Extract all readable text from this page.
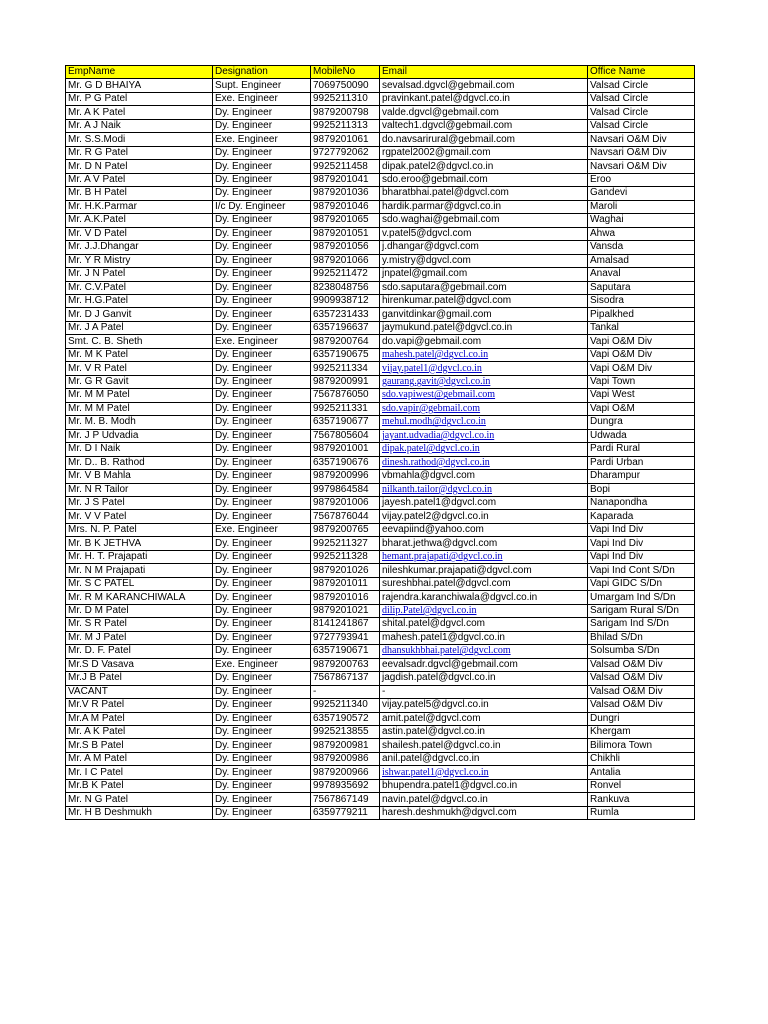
EmpName	Designation	MobileNo	Email	Office Name
Mr. G D BHAIYA	Supt. Engineer	7069750090	sevalsad.dgvcl@gebmail.com	Valsad Circle
Mr. P G Patel	Exe. Engineer	9925211310	pravinkant.patel@dgvcl.co.in	Valsad Circle
Mr. A K Patel	Dy. Engineer	9879200798	valde.dgvcl@gebmail.com	Valsad Circle
Mr. A J Naik	Dy. Engineer	9925211313	valtech1.dgvcl@gebmail.com	Valsad Circle
Mr. S.S.Modi	Exe. Engineer	9879201061	do.navsarirural@gebmail.com	Navsari O&M Div
Mr. R G Patel	Dy. Engineer	9727792062	rgpatel2002@gmail.com	Navsari O&M Div
Mr. D N Patel	Dy. Engineer	9925211458	dipak.patel2@dgvcl.co.in	Navsari O&M Div
Mr. A V Patel	Dy. Engineer	9879201041	sdo.eroo@gebmail.com	Eroo
Mr. B H Patel	Dy. Engineer	9879201036	bharatbhai.patel@dgvcl.com	Gandevi
Mr. H.K.Parmar	I/c Dy. Engineer	9879201046	hardik.parmar@dgvcl.co.in	Maroli
Mr. A.K.Patel	Dy. Engineer	9879201065	sdo.waghai@gebmail.com	Waghai
Mr. V D Patel	Dy. Engineer	9879201051	v.patel5@dgvcl.com	Ahwa
Mr. J.J.Dhangar	Dy. Engineer	9879201056	j.dhangar@dgvcl.com	Vansda
Mr. Y R Mistry	Dy. Engineer	9879201066	y.mistry@dgvcl.com	Amalsad
Mr. J N Patel	Dy. Engineer	9925211472	jnpatel@gmail.com	Anaval
Mr. C.V.Patel	Dy. Engineer	8238048756	sdo.saputara@gebmail.com	Saputara
Mr. H.G.Patel	Dy. Engineer	9909938712	hirenkumar.patel@dgvcl.com	Sisodra
Mr. D J Ganvit	Dy. Engineer	6357231433	ganvitdinkar@gmail.com	Pipalkhed
Mr. J A Patel	Dy. Engineer	6357196637	jaymukund.patel@dgvcl.co.in	Tankal
Smt. C. B. Sheth	Exe. Engineer	9879200764	do.vapi@gebmail.com	Vapi O&M Div
Mr. M K Patel	Dy. Engineer	6357190675	mahesh.patel@dgvcl.co.in	Vapi O&M Div
Mr. V R Patel	Dy. Engineer	9925211334	vijay.patel1@dgvcl.co.in	Vapi O&M Div
Mr. G R Gavit	Dy. Engineer	9879200991	gaurang.gavit@dgvcl.co.in	Vapi Town
Mr. M M Patel	Dy. Engineer	7567876050	sdo.vapiwest@gebmail.com	Vapi West
Mr. M M Patel	Dy. Engineer	9925211331	sdo.vapir@gebmail.com	Vapi O&M
Mr. M. B. Modh	Dy. Engineer	6357190677	mehul.modh@dgvcl.co.in	Dungra
Mr. J P Udvadia	Dy. Engineer	7567805604	jayant.udvadia@dgvcl.co.in	Udwada
Mr. D I Naik	Dy. Engineer	9879201001	dipak.patel@dgvcl.co.in	Pardi Rural
Mr. D.. B. Rathod	Dy. Engineer	6357190676	dinesh.rathod@dgvcl.co.in	Pardi Urban
Mr. V B Mahla	Dy. Engineer	9879200996	vbmahla@dgvcl.com	Dharampur
Mr. N R Tailor	Dy. Engineer	9979864584	nilkanth.tailor@dgvcl.co.in	Bopi
Mr. J S Patel	Dy. Engineer	9879201006	jayesh.patel1@dgvcl.com	Nanapondha
Mr. V V Patel	Dy. Engineer	7567876044	vijay.patel2@dgvcl.co.in	Kaparada
Mrs. N. P. Patel	Exe. Engineer	9879200765	eevapiind@yahoo.com	Vapi Ind Div
Mr. B K JETHVA	Dy. Engineer	9925211327	bharat.jethwa@dgvcl.com	Vapi Ind Div
Mr. H. T. Prajapati	Dy. Engineer	9925211328	hemant.prajapati@dgvcl.co.in	Vapi Ind Div
Mr. N M Prajapati	Dy. Engineer	9879201026	nileshkumar.prajapati@dgvcl.com	Vapi Ind Cont S/Dn
Mr. S C PATEL	Dy. Engineer	9879201011	sureshbhai.patel@dgvcl.com	Vapi GIDC S/Dn
Mr. R M KARANCHIWALA	Dy. Engineer	9879201016	rajendra.karanchiwala@dgvcl.co.in	Umargam Ind S/Dn
Mr. D M Patel	Dy. Engineer	9879201021	dilip.Patel@dgvcl.co.in	Sarigam Rural S/Dn
Mr. S R Patel	Dy. Engineer	8141241867	shital.patel@dgvcl.com	Sarigam Ind S/Dn
Mr. M J Patel	Dy. Engineer	9727793941	mahesh.patel1@dgvcl.co.in	Bhilad S/Dn
Mr. D. F. Patel	Dy. Engineer	6357190671	dhansukhbhai.patel@dgvcl.com	Solsumba S/Dn
Mr.S D Vasava	Exe. Engineer	9879200763	eevalsadr.dgvcl@gebmail.com	Valsad O&M Div
Mr.J B Patel	Dy. Engineer	7567867137	jagdish.patel@dgvcl.co.in	Valsad O&M Div
VACANT	Dy. Engineer	-	-	Valsad O&M Div
Mr.V R Patel	Dy. Engineer	9925211340	vijay.patel5@dgvcl.co.in	Valsad O&M Div
Mr.A M Patel	Dy. Engineer	6357190572	amit.patel@dgvcl.com	Dungri
Mr. A K Patel	Dy. Engineer	9925213855	astin.patel@dgvcl.co.in	Khergam
Mr.S B Patel	Dy. Engineer	9879200981	shailesh.patel@dgvcl.co.in	Bilimora Town
Mr. A M Patel	Dy. Engineer	9879200986	anil.patel@dgvcl.co.in	Chikhli
Mr. I C Patel	Dy. Engineer	9879200966	ishwar.patel1@dgvcl.co.in	Antalia
Mr.B K Patel	Dy. Engineer	9978935692	bhupendra.patel1@dgvcl.co.in	Ronvel
Mr. N G Patel	Dy. Engineer	7567867149	navin.patel@dgvcl.co.in	Rankuva
Mr. H B Deshmukh	Dy. Engineer	6359779211	haresh.deshmukh@dgvcl.com	Rumla
